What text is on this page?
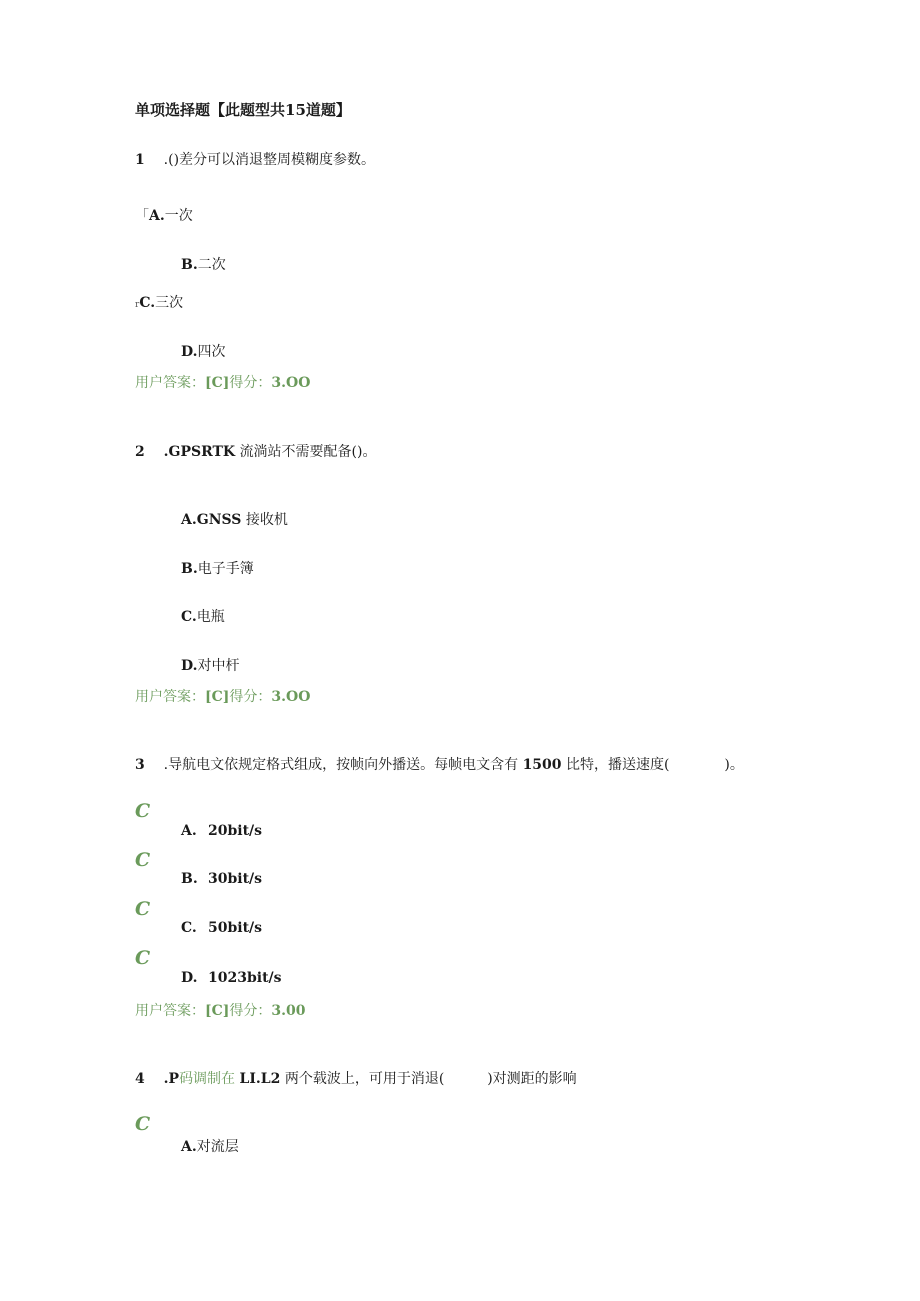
单项选择题【此题型共15道题】
1 .()差分可以消退整周模糊度参数。
「A.一次
B.二次
rC.三次
D.四次
用户答案：[C]得分：3.OO
2 .GPSRTK 流淌站不需要配备()。
A.GNSS 接收机
B.电子手簿
C.电瓶
D.对中杆
用户答案：[C]得分：3.OO
3 .导航电文依规定格式组成，按帧向外播送。每帧电文含有 1500 比特，播送速度(	)。
C
A. 20bit/s
C
B. 30bit/s
C
C. 50bit/s
C
D. 1023bit/s
用户答案：[C]得分：3.00
4 .P码调制在 LI.L2 两个载波上，可用于消退(	)对测距的影响
C
A.对流层
